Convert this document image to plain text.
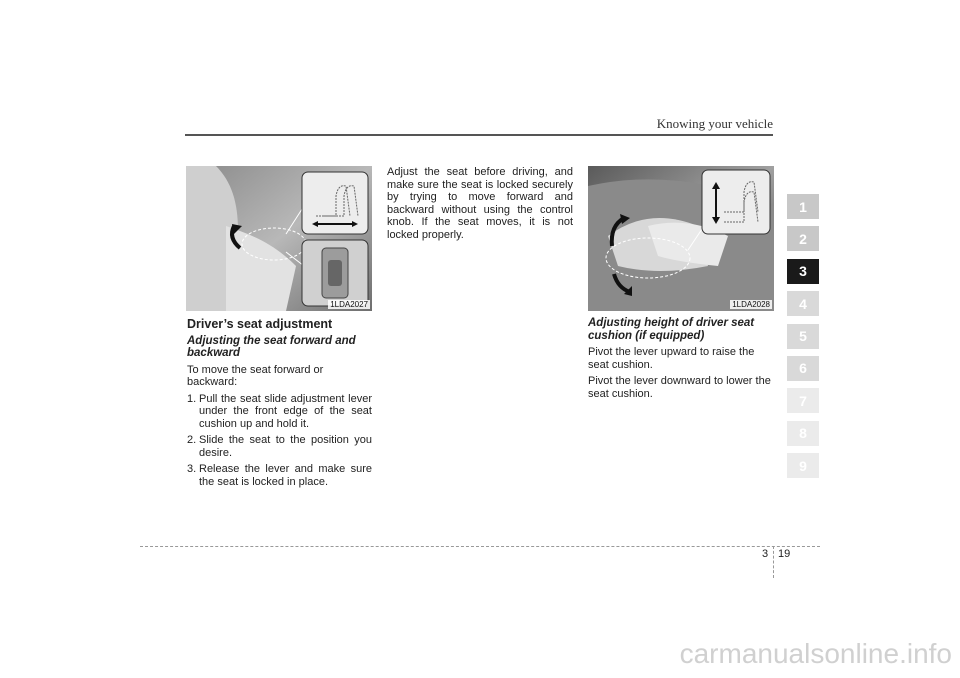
Knowing your vehicle
1LDA2027	1LDA2028
Driver’s seat adjustment
Adjusting the seat forward and backward

To move the seat forward or backward:

1. Pull the seat slide adjustment lever under the front edge of the seat cushion up and hold it.
2. Slide the seat to the position you desire.
3. Release the lever and make sure the seat is locked in place.

Adjust the seat before driving, and make sure the seat is locked securely by trying to move forward and backward without using the control knob. If the seat moves, it is not locked properly.

Adjusting height of driver seat cushion (if equipped)

Pivot the lever upward to raise the seat cushion.

Pivot the lever downward to lower the seat cushion.

1
2
3
4
5
6
7
8
9
3 19
carmanualsonline.info
